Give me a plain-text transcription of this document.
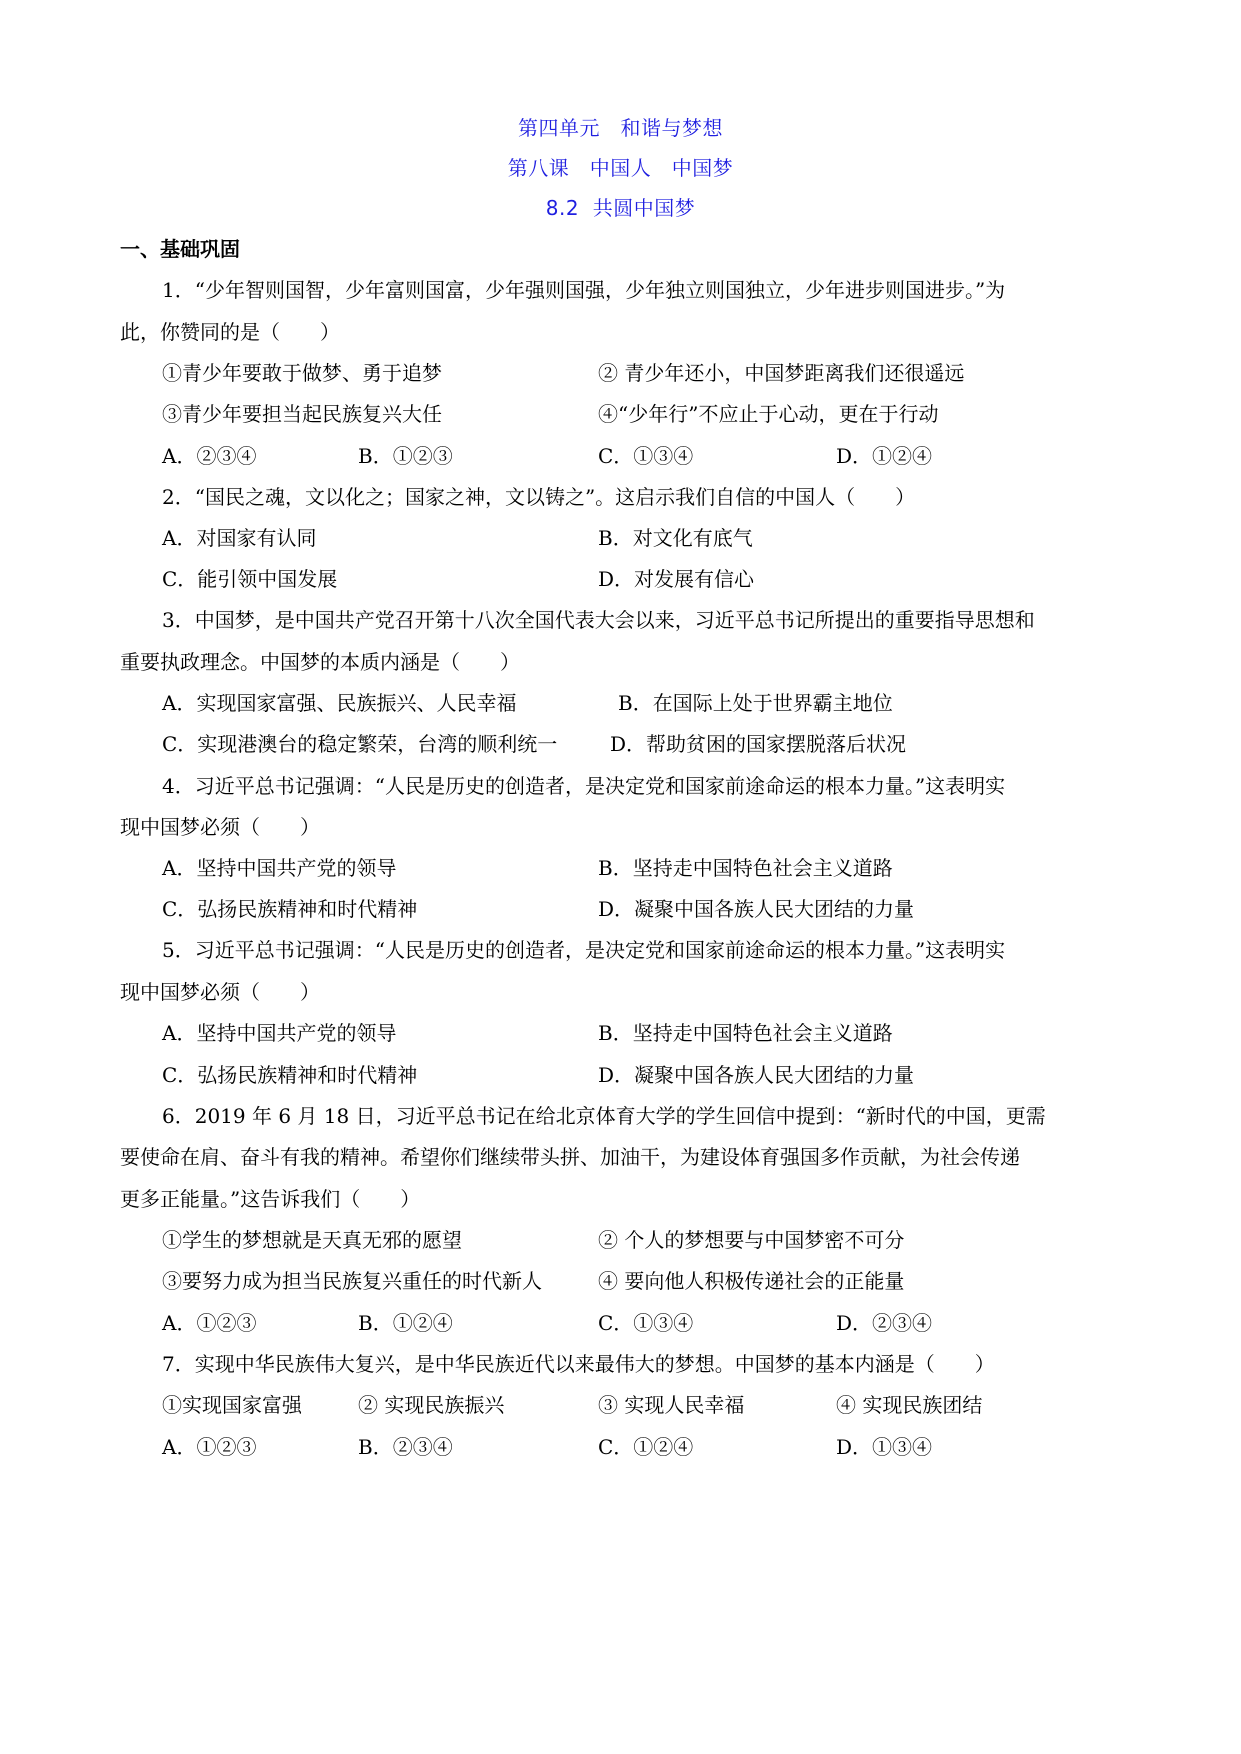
第四单元　和谐与梦想
第八课　中国人　中国梦
8.2  共圆中国梦
一、基础巩固
1．“少年智则国智，少年富则国富，少年强则国强，少年独立则国独立，少年进步则国进步。”为
此，你赞同的是（　　）
①青少年要敢于做梦、勇于追梦	② 青少年还小，中国梦距离我们还很遥远
③青少年要担当起民族复兴大任	④“少年行”不应止于心动，更在于行动
A．②③④	B．①②③	C．①③④	D．①②④
2．“国民之魂，文以化之；国家之神，文以铸之”。这启示我们自信的中国人（　　）
A．对国家有认同	B．对文化有底气
C．能引领中国发展	D．对发展有信心
3．中国梦，是中国共产党召开第十八次全国代表大会以来，习近平总书记所提出的重要指导思想和
重要执政理念。中国梦的本质内涵是（　　）
A．实现国家富强、民族振兴、人民幸福	B．在国际上处于世界霸主地位
C．实现港澳台的稳定繁荣，台湾的顺利统一	D．帮助贫困的国家摆脱落后状况
4．习近平总书记强调：“人民是历史的创造者，是决定党和国家前途命运的根本力量。”这表明实
现中国梦必须（　　）
A．坚持中国共产党的领导	B．坚持走中国特色社会主义道路
C．弘扬民族精神和时代精神	D．凝聚中国各族人民大团结的力量
5．习近平总书记强调：“人民是历史的创造者，是决定党和国家前途命运的根本力量。”这表明实
现中国梦必须（　　）
A．坚持中国共产党的领导	B．坚持走中国特色社会主义道路
C．弘扬民族精神和时代精神	D．凝聚中国各族人民大团结的力量
6．2019 年 6 月 18 日，习近平总书记在给北京体育大学的学生回信中提到：“新时代的中国，更需
要使命在肩、奋斗有我的精神。希望你们继续带头拼、加油干，为建设体育强国多作贡献，为社会传递
更多正能量。”这告诉我们（　　）
①学生的梦想就是天真无邪的愿望	② 个人的梦想要与中国梦密不可分
③要努力成为担当民族复兴重任的时代新人	④ 要向他人积极传递社会的正能量
A．①②③	B．①②④	C．①③④	D．②③④
7．实现中华民族伟大复兴，是中华民族近代以来最伟大的梦想。中国梦的基本内涵是（　　）
①实现国家富强	② 实现民族振兴	③ 实现人民幸福	④ 实现民族团结
A．①②③	B．②③④	C．①②④	D．①③④
